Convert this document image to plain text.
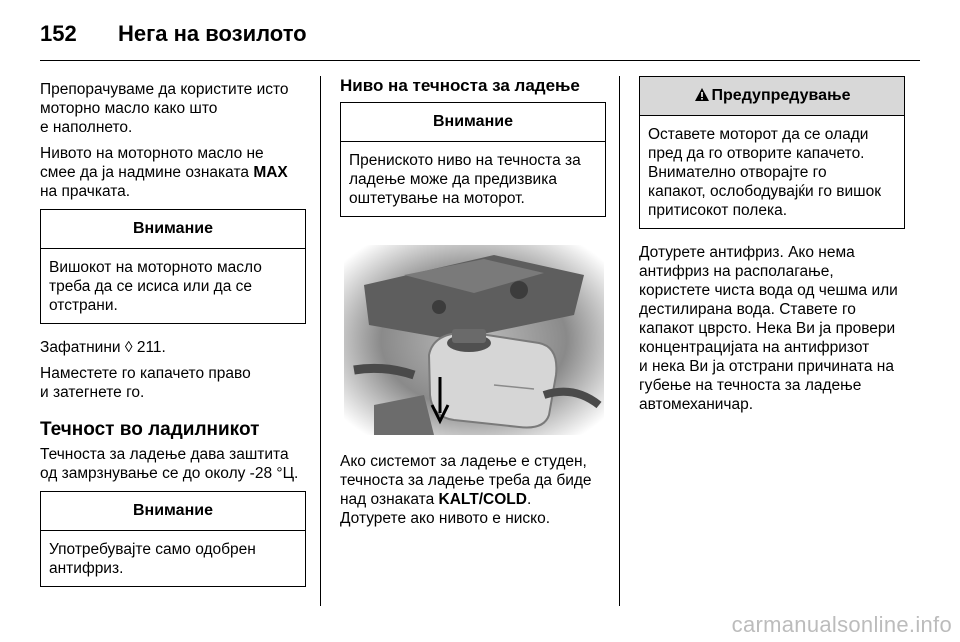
152	Нега на возилото

Препорачуваме да користите исто
моторно масло како што
е наполнето.

Нивото на моторното масло не
смее да ја надмине ознаката MAX
на прачката.

Внимание
Вишокот на моторното масло
треба да се исиса или да се
отстрани.

Зафатнини ◊ 211.

Наместете го капачето право
и затегнете го.

Течност во ладилникот

Течноста за ладење дава заштита
од замрзнување се до околу -28 °Ц.

Внимание
Употребувајте само одобрен
антифриз.
Ниво на течноста за ладење
Внимание
Прениското ниво на течноста за
ладење може да предизвика
оштетување на моторот.

Ако системот за ладење е студен,
течноста за ладење треба да биде
над ознаката KALT/COLD.
Дотурете ако нивото е ниско.

Предупредување
Оставете моторот да се олади
пред да го отворите капачето.
Внимателно отворајте го
капакот, ослободувајќи го вишок
притисокот полека.

Дотурете антифриз. Ако нема
антифриз на располагање,
користете чиста вода од чешма или
дестилирана вода. Ставете го
капакот цврсто. Нека Ви ја провери
концентрацијата на антифризот
и нека Ви ја отстрани причината на
губење на течноста за ладење
автомеханичар.

carmanualsonline.info
